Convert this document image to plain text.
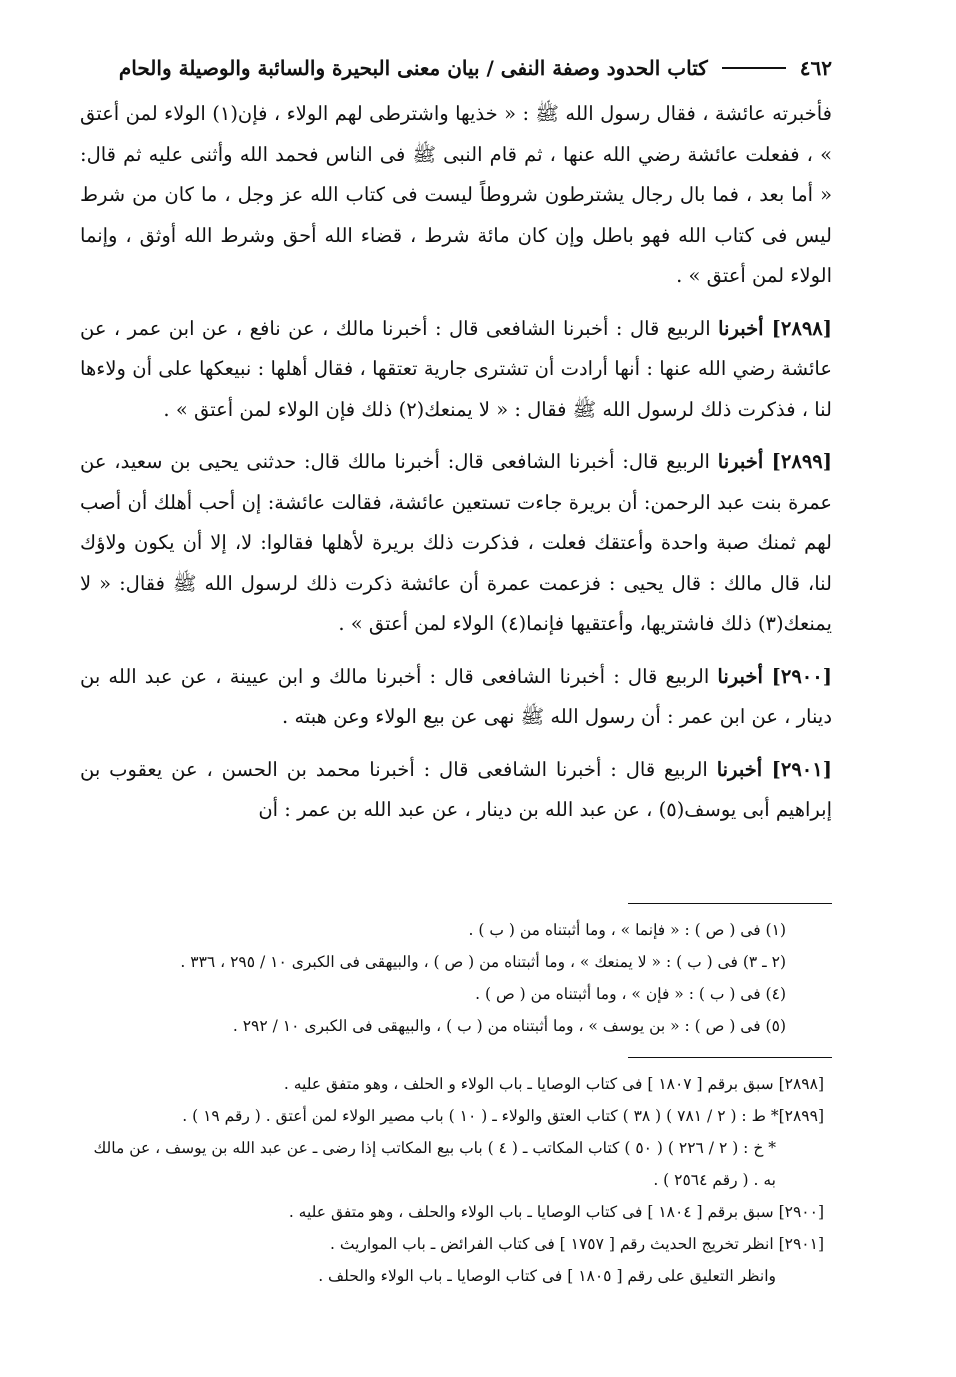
٤٦٢
كتاب الحدود وصفة النفى / بيان معنى البحيرة والسائبة والوصيلة والحام

فأخبرته عائشة ، فقال رسول الله ﷺ : « خذيها واشترطى لهم الولاء ، فإن(١) الولاء لمن أعتق » ، ففعلت عائشة رضي الله عنها ، ثم قام النبى ﷺ فى الناس فحمد الله وأثنى عليه ثم قال: « أما بعد ، فما بال رجال يشترطون شروطاً ليست فى كتاب الله عز وجل ، ما كان من شرط ليس فى كتاب الله فهو باطل وإن كان مائة شرط ، قضاء الله أحق وشرط الله أوثق ، وإنما الولاء لمن أعتق » .

[٢٨٩٨] أخبرنا الربيع قال : أخبرنا الشافعى قال : أخبرنا مالك ، عن نافع ، عن ابن عمر ، عن عائشة رضي الله عنها : أنها أرادت أن تشترى جارية تعتقها ، فقال أهلها : نبيعكها على أن ولاءها لنا ، فذكرت ذلك لرسول الله ﷺ فقال : « لا يمنعك(٢) ذلك فإن الولاء لمن أعتق » .

[٢٨٩٩] أخبرنا الربيع قال: أخبرنا الشافعى قال: أخبرنا مالك قال: حدثنى يحيى بن سعيد، عن عمرة بنت عبد الرحمن: أن بريرة جاءت تستعين عائشة، فقالت عائشة: إن أحب أهلك أن أصب لهم ثمنك صبة واحدة وأعتقك فعلت ، فذكرت ذلك بريرة لأهلها فقالوا: لا، إلا أن يكون ولاؤك لنا، قال مالك : قال يحيى : فزعمت عمرة أن عائشة ذكرت ذلك لرسول الله ﷺ فقال: « لا يمنعك(٣) ذلك فاشتريها، وأعتقيها فإنما(٤) الولاء لمن أعتق » .

[٢٩٠٠] أخبرنا الربيع قال : أخبرنا الشافعى قال : أخبرنا مالك و ابن عيينة ، عن عبد الله بن دينار ، عن ابن عمر : أن رسول الله ﷺ نهى عن بيع الولاء وعن هبته .

[٢٩٠١] أخبرنا الربيع قال : أخبرنا الشافعى قال : أخبرنا محمد بن الحسن ، عن يعقوب بن إبراهيم أبى يوسف(٥) ، عن عبد الله بن دينار ، عن عبد الله بن عمر : أن

(١) فى ( ص ) : « فإنما » ، وما أثبتناه من ( ب ) .
(٢ ـ ٣) فى ( ب ) : « لا يمنعك » ، وما أثبتناه من ( ص ) ، والبيهقى فى الكبرى ١٠ / ٢٩٥ ، ٣٣٦ .
(٤) فى ( ب ) : « فإن » ، وما أثبتناه من ( ص ) .
(٥) فى ( ص ) : « بن يوسف » ، وما أثبتناه من ( ب ) ، والبيهقى فى الكبرى ١٠ / ٢٩٢ .
[٢٨٩٨] سبق برقم [ ١٨٠٧ ] فى كتاب الوصايا ـ باب الولاء و الحلف ، وهو متفق عليه .
[٢٨٩٩]* ط : ( ٢ / ٧٨١ ) ( ٣٨ ) كتاب العتق والولاء ـ ( ١٠ ) باب مصير الولاء لمن أعتق . ( رقم ١٩ ) .
* خ : ( ٢ / ٢٢٦ ) ( ٥٠ ) كتاب المكاتب ـ ( ٤ ) باب بيع المكاتب إذا رضى ـ عن عبد الله بن يوسف ، عن مالك به . ( رقم ٢٥٦٤ ) .
[٢٩٠٠] سبق برقم [ ١٨٠٤ ] فى كتاب الوصايا ـ باب الولاء والحلف ، وهو متفق عليه .
[٢٩٠١] انظر تخريج الحديث رقم [ ١٧٥٧ ] فى كتاب الفرائض ـ باب المواريث .
وانظر التعليق على رقم [ ١٨٠٥ ] فى كتاب الوصايا ـ باب الولاء والحلف .
